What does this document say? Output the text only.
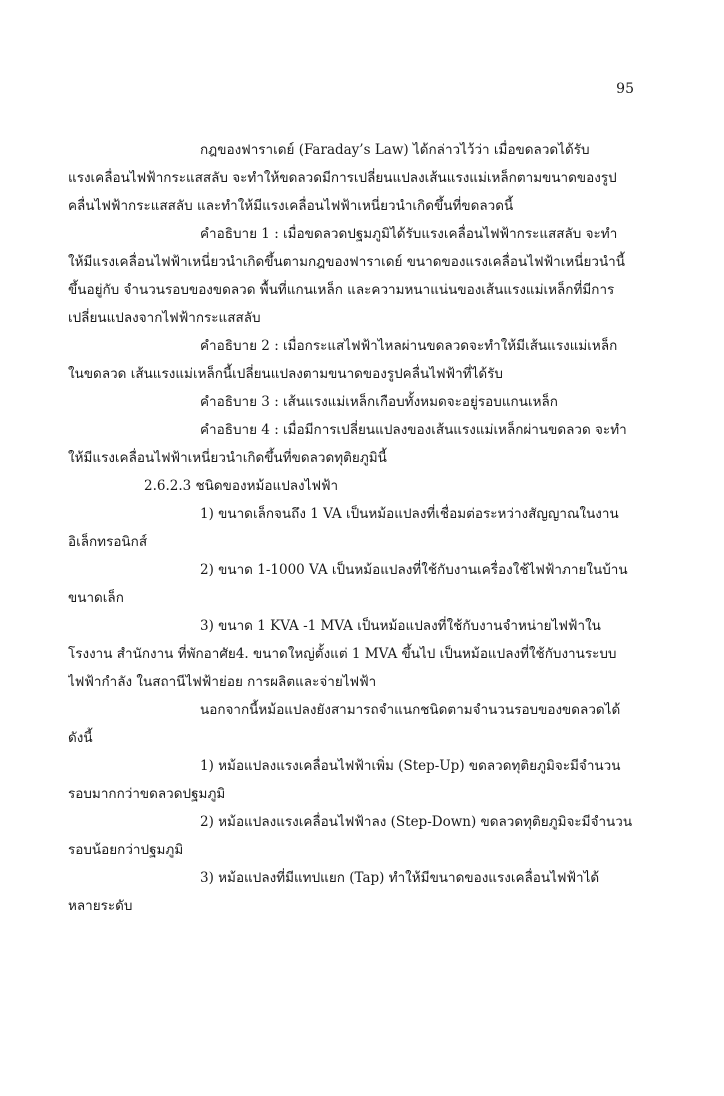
95
กฎของฟาราเดย์ (Faraday’s Law) ได้กล่าวไว้ว่า เมื่อขดลวดได้รับ
แรงเคลื่อนไฟฟ้ากระแสสลับ จะทำให้ขดลวดมีการเปลี่ยนแปลงเส้นแรงแม่เหล็กตามขนาดของรูป
คลื่นไฟฟ้ากระแสสลับ และทำให้มีแรงเคลื่อนไฟฟ้าเหนี่ยวนำเกิดขึ้นที่ขดลวดนี้
คำอธิบาย 1 : เมื่อขดลวดปฐมภูมิได้รับแรงเคลื่อนไฟฟ้ากระแสสลับ จะทำ
ให้มีแรงเคลื่อนไฟฟ้าเหนี่ยวนำเกิดขึ้นตามกฎของฟาราเดย์ ขนาดของแรงเคลื่อนไฟฟ้าเหนี่ยวนำนี้
ขึ้นอยู่กับ จำนวนรอบของขดลวด พื้นที่แกนเหล็ก และความหนาแน่นของเส้นแรงแม่เหล็กที่มีการ
เปลี่ยนแปลงจากไฟฟ้ากระแสสลับ
คำอธิบาย 2 : เมื่อกระแสไฟฟ้าไหลผ่านขดลวดจะทำให้มีเส้นแรงแม่เหล็ก
ในขดลวด เส้นแรงแม่เหล็กนี้เปลี่ยนแปลงตามขนาดของรูปคลื่นไฟฟ้าที่ได้รับ
คำอธิบาย 3 : เส้นแรงแม่เหล็กเกือบทั้งหมดจะอยู่รอบแกนเหล็ก
คำอธิบาย 4 : เมื่อมีการเปลี่ยนแปลงของเส้นแรงแม่เหล็กผ่านขดลวด จะทำ
ให้มีแรงเคลื่อนไฟฟ้าเหนี่ยวนำเกิดขึ้นที่ขดลวดทุติยภูมินี้
2.6.2.3 ชนิดของหม้อแปลงไฟฟ้า
1) ขนาดเล็กจนถึง 1 VA เป็นหม้อแปลงที่เชื่อมต่อระหว่างสัญญาณในงาน
อิเล็กทรอนิกส์
2) ขนาด 1-1000 VA เป็นหม้อแปลงที่ใช้กับงานเครื่องใช้ไฟฟ้าภายในบ้าน
ขนาดเล็ก
3) ขนาด 1 KVA -1 MVA เป็นหม้อแปลงที่ใช้กับงานจำหน่ายไฟฟ้าใน
โรงงาน สำนักงาน ที่พักอาศัย4. ขนาดใหญ่ตั้งแต่ 1 MVA ขึ้นไป เป็นหม้อแปลงที่ใช้กับงานระบบ
ไฟฟ้ากำลัง ในสถานีไฟฟ้าย่อย การผลิตและจ่ายไฟฟ้า
นอกจากนี้หม้อแปลงยังสามารถจำแนกชนิดตามจำนวนรอบของขดลวดได้
ดังนี้
1) หม้อแปลงแรงเคลื่อนไฟฟ้าเพิ่ม (Step-Up) ขดลวดทุติยภูมิจะมีจำนวน
รอบมากกว่าขดลวดปฐมภูมิ
2) หม้อแปลงแรงเคลื่อนไฟฟ้าลง (Step-Down) ขดลวดทุติยภูมิจะมีจำนวน
รอบน้อยกว่าปฐมภูมิ
3) หม้อแปลงที่มีแทปแยก (Tap) ทำให้มีขนาดของแรงเคลื่อนไฟฟ้าได้
หลายระดับ
